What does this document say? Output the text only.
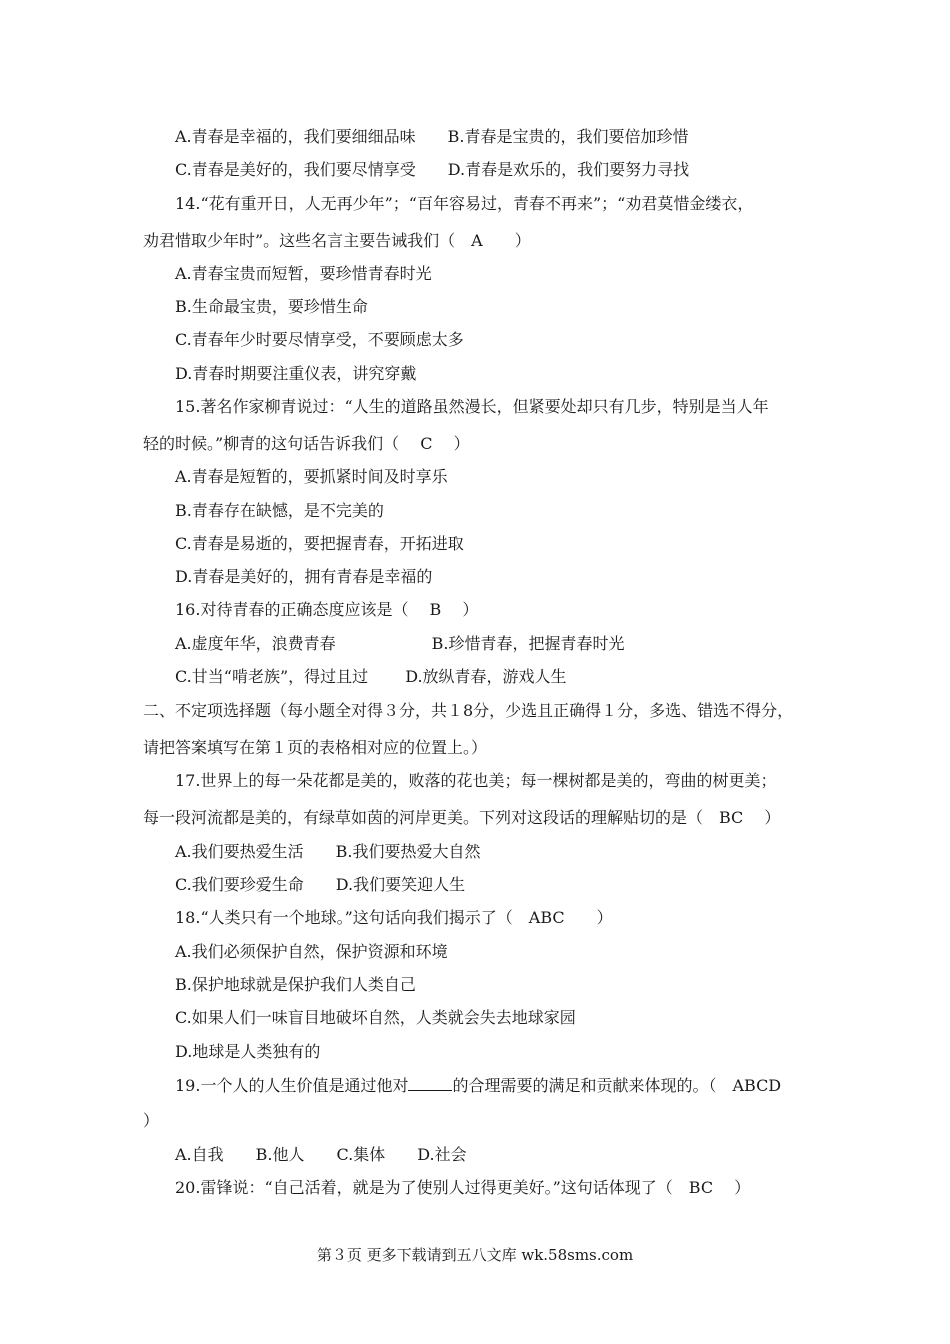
A.青春是幸福的，我们要细细品味　　B.青春是宝贵的，我们要倍加珍惜
C.青春是美好的，我们要尽情享受　　D.青春是欢乐的，我们要努力寻找
14.“花有重开日，人无再少年”；“百年容易过，青春不再来”；“劝君莫惜金缕衣，
劝君惜取少年时”。这些名言主要告诫我们（　A　　）
A.青春宝贵而短暂，要珍惜青春时光
B.生命最宝贵，要珍惜生命
C.青春年少时要尽情享受，不要顾虑太多
D.青春时期要注重仪表，讲究穿戴
15.著名作家柳青说过：“人生的道路虽然漫长，但紧要处却只有几步，特别是当人年
轻的时候。”柳青的这句话告诉我们（　 C　 ）
A.青春是短暂的，要抓紧时间及时享乐
B.青春存在缺憾，是不完美的
C.青春是易逝的，要把握青春，开拓进取
D.青春是美好的，拥有青春是幸福的
16.对待青春的正确态度应该是（　 B　 ）
A.虚度年华，浪费青春　　　　　　B.珍惜青春，把握青春时光
C.甘当“啃老族”，得过且过　　 D.放纵青春，游戏人生
二、不定项选择题（每小题全对得３分，共１8分，少选且正确得１分，多选、错选不得分，
请把答案填写在第１页的表格相对应的位置上。）
17.世界上的每一朵花都是美的，败落的花也美；每一棵树都是美的，弯曲的树更美；
每一段河流都是美的，有绿草如茵的河岸更美。下列对这段话的理解贴切的是（　BC　 ）
A.我们要热爱生活　　B.我们要热爱大自然
C.我们要珍爱生命　　D.我们要笑迎人生
18.“人类只有一个地球。”这句话向我们揭示了（　ABC　　）
A.我们必须保护自然，保护资源和环境
B.保护地球就是保护我们人类自己
C.如果人们一味盲目地破坏自然，人类就会失去地球家园
D.地球是人类独有的
19.一个人的人生价值是通过他对	的合理需要的满足和贡献来体现的。（　ABCD
）
A.自我　　B.他人　　C.集体　　D.社会
20.雷锋说：“自己活着，就是为了使别人过得更美好。”这句话体现了（　BC　 ）
第３页 更多下载请到五八文库 wk.58sms.com
